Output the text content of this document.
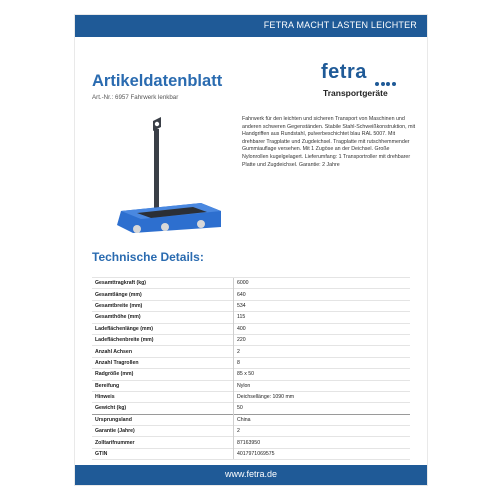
FETRA MACHT LASTEN LEICHTER
Artikeldatenblatt
Art.-Nr.: 6957 Fahrwerk lenkbar
fetra
Transportgeräte

Fahrwerk für den leichten und sicheren Transport von Maschinen und anderen schweren Gegenständen. Stabile Stahl-Schweißkonstruktion, mit Handgriffen aus Rundstahl, pulverbeschichtet blau RAL 5007. Mit drehbarer Tragplatte und Zugdeichsel. Tragplatte mit rutschhemmender Gummiauflage versehen. Mit 1 Zugöse an der Deichsel. Große Nylonrollen kugelgelagert. Lieferumfang: 1 Transportroller mit drehbarer Platte und Zugdeichsel. Garantie: 2 Jahre

Technische Details:
Gesamttragkraft (kg)	6000
Gesamtlänge (mm)	640
Gesamtbreite (mm)	534
Gesamthöhe (mm)	115
Ladeflächenlänge (mm)	400
Ladeflächenbreite (mm)	220
Anzahl Achsen	2
Anzahl Tragrollen	8
Radgröße (mm)	85 x 50
Bereifung	Nylon
Hinweis	Deichsellänge: 1090 mm
Gewicht (kg)	50
Ursprungsland	China
Garantie (Jahre)	2
Zolltarifnummer	87163950
GTIN	4017971069575
www.fetra.de
